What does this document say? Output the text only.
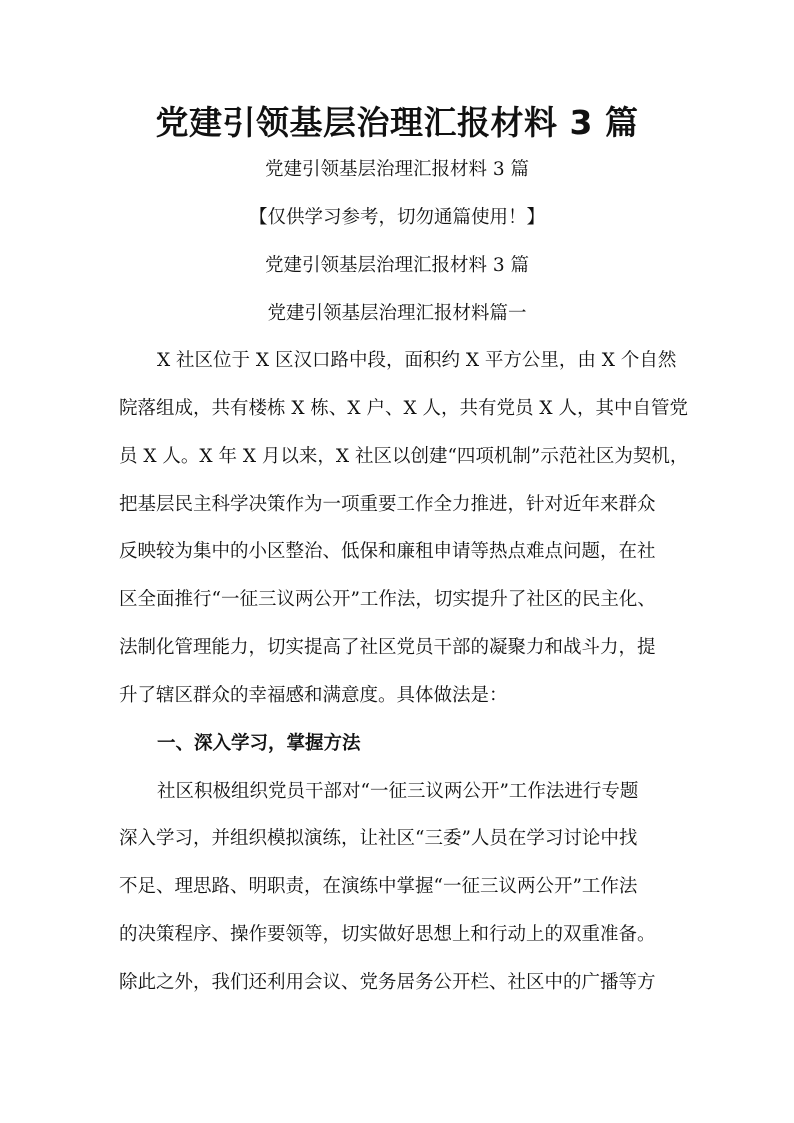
党建引领基层治理汇报材料 3 篇
党建引领基层治理汇报材料 3 篇
【仅供学习参考，切勿通篇使用！】
党建引领基层治理汇报材料 3 篇
党建引领基层治理汇报材料篇一
X 社区位于 X 区汉口路中段，面积约 X 平方公里，由 X 个自然
院落组成，共有楼栋 X 栋、X 户、X 人，共有党员 X 人，其中自管党
员 X 人。X 年 X 月以来，X 社区以创建“四项机制”示范社区为契机，
把基层民主科学决策作为一项重要工作全力推进，针对近年来群众
反映较为集中的小区整治、低保和廉租申请等热点难点问题，在社
区全面推行“一征三议两公开”工作法，切实提升了社区的民主化、
法制化管理能力，切实提高了社区党员干部的凝聚力和战斗力，提
升了辖区群众的幸福感和满意度。具体做法是：
一、深入学习，掌握方法
社区积极组织党员干部对“一征三议两公开”工作法进行专题
深入学习，并组织模拟演练，让社区“三委”人员在学习讨论中找
不足、理思路、明职责，在演练中掌握“一征三议两公开”工作法
的决策程序、操作要领等，切实做好思想上和行动上的双重准备。
除此之外，我们还利用会议、党务居务公开栏、社区中的广播等方
